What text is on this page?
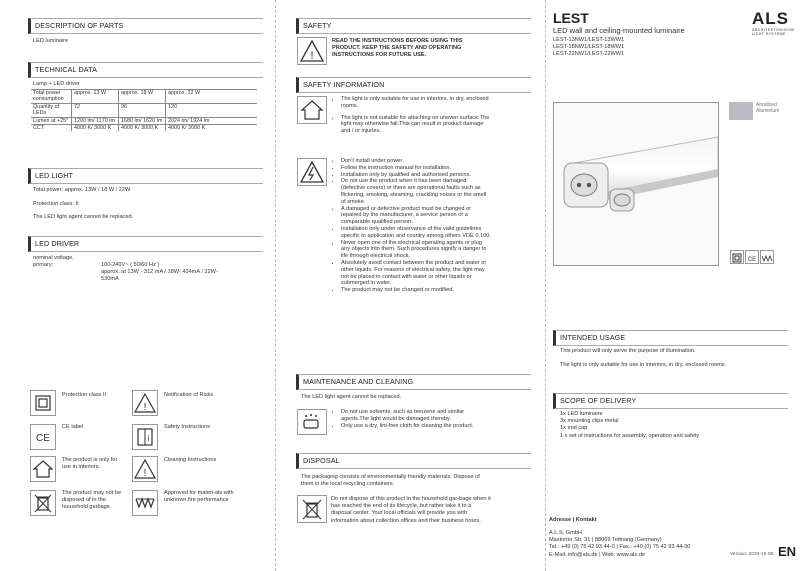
DESCRIPTION OF PARTS
LED luminaire
TECHNICAL DATA
Lamp + LED driver
Total power consumption	approx. 13 W	approx. 18 W	approx. 22 W
Quantity of LEDs	72	96	120
Lumen at +25°	1200 lm/ 1170 lm	1680 lm/ 1620 lm	2024 lm/ 1924 lm
CCT	4000 K/ 3000 K	4000 K/ 3000 K	4000 K/ 3000 K
LED LIGHT
Total power: approx. 13W / 18 W / 22W
Protection class: II
The LED light agent cannot be replaced.
LED DRIVER
nominal voltage, primary:	100-240V~ ( 50/60 Hz )
approx. at 13W - 312 mA / 18W- 424mA / 22W- 530mA
Protection class II
!
Notification of Risks
CE
CE label
i
Safety Instructions
The product is only for use in interiors.
!
Cleaning Instructions
The product may not be disposed of in the household garbage.
Approved for materi-als with unknown fire performance
SAFETY
!
READ THE INSTRUCTIONS BEFORE USING THIS PRODUCT. KEEP THE SAFETY AND OPERATING INSTRUCTIONS FOR FUTURE USE.
SAFETY INFORMATION
• The light is only suitable for use in interiors, in dry, enclosed rooms.
• The light is not suitable for attaching on uneven surface.The light may otherwise fall.This can result in product damage and / or injuries.
• Don't install under power.
• Follow the instruction manual for installation.
• Installation only by qualified and authorised persons.
• Do not use the product when it has been damaged (defective covers) or there are operational faults such as flickering, smoking, steaming, crackling noises or the smell of smoke.
• A damaged or defective product must be changed or repaired by the manufacturer, a service person or a comparable qualified person.
• Installation only under observance of the valid guidelines specific to application and country among others VDE 0.100.
• Never open one of the electrical operating agents or plug any objects into them. Such procedures signify a danger to life through electrical shock.
• Absolutely avoid contact between the product and water or other liquids. For reasons of electrical safety, the light may not be placed in contact with water or other liquids or submerged in water.
• The product may not be changed or modified.
MAINTENANCE AND CLEANING
The LED light agent cannot be replaced.
• Do not use solvents, such as benzene and similar agents.The light would be damaged thereby.
• Only use a dry, lint-free cloth for cleaning the product.
DISPOSAL
The packaging consists of environmentally friendly materials. Dispose of them in the local recycling containers.
Do not dispose of this product in the household gar-bage when it has reached the end of its lifecycle, but rather take it to a disposal center. Your local officials will provide you with information about collection offices and their business hours.
LEST
LED wall and ceiling-mounted luminaire
LEST-13NW1/LEST-13WW1
LEST-18NW1/LEST-18WW1
LEST-22NW1/LEST-22WW1
ALS
ARCHITEKTONISCHE LICHT SYSTEME
Anodized Aluminium
CE
INTENDED USAGE
This product will only serve the purpose of illumination.
The light is only suitable for use in interiors, in dry, enclosed rooms.
SCOPE OF DELIVERY
1x LED luminaire
3x mounting clips metal
1x end cap
1 x set of instructions for assembly, operation and safety
Adresse | Kontakt
A.L.S. GmbH
Mastorter Str. 31 | 88069 Tettnang (Germany)
Tel.: +49 (0) 75 42 93 44-0 | Fax.: +49 (0) 75 42 93 44-30
E-Mail: info@als.de | Web: www.als.de	Version: 2020-10-08 EN
